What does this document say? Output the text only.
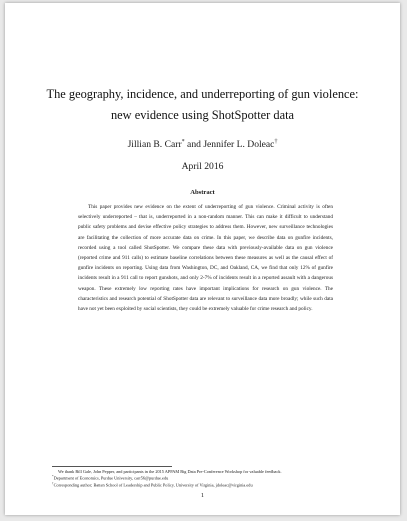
The geography, incidence, and underreporting of gun violence:
new evidence using ShotSpotter data
Jillian B. Carr* and Jennifer L. Doleac†
April 2016
Abstract

This paper provides new evidence on the extent of underreporting of gun violence. Criminal activity is often selectively underreported – that is, underreported in a non-random manner. This can make it difficult to understand public safety problems and devise effective policy strategies to address them. However, new surveillance technologies are facilitating the collection of more accurate data on crime. In this paper, we describe data on gunfire incidents, recorded using a tool called ShotSpotter. We compare these data with previously-available data on gun violence (reported crime and 911 calls) to estimate baseline correlations between these measures as well as the causal effect of gunfire incidents on reporting. Using data from Washington, DC, and Oakland, CA, we find that only 12% of gunfire incidents result in a 911 call to report gunshots, and only 2-7% of incidents result in a reported assault with a dangerous weapon. These extremely low reporting rates have important implications for research on gun violence. The characteristics and research potential of ShotSpotter data are relevant to surveillance data more broadly; while such data have not yet been exploited by social scientists, they could be extremely valuable for crime research and policy.

We thank Bill Gale, John Pepper, and participants in the 2015 APPAM Big Data Pre-Conference Workshop for valuable feedback.

*Department of Economics, Purdue University, carr56@purdue.edu

†Corresponding author; Batten School of Leadership and Public Policy, University of Virginia, jdoleac@virginia.edu

1
